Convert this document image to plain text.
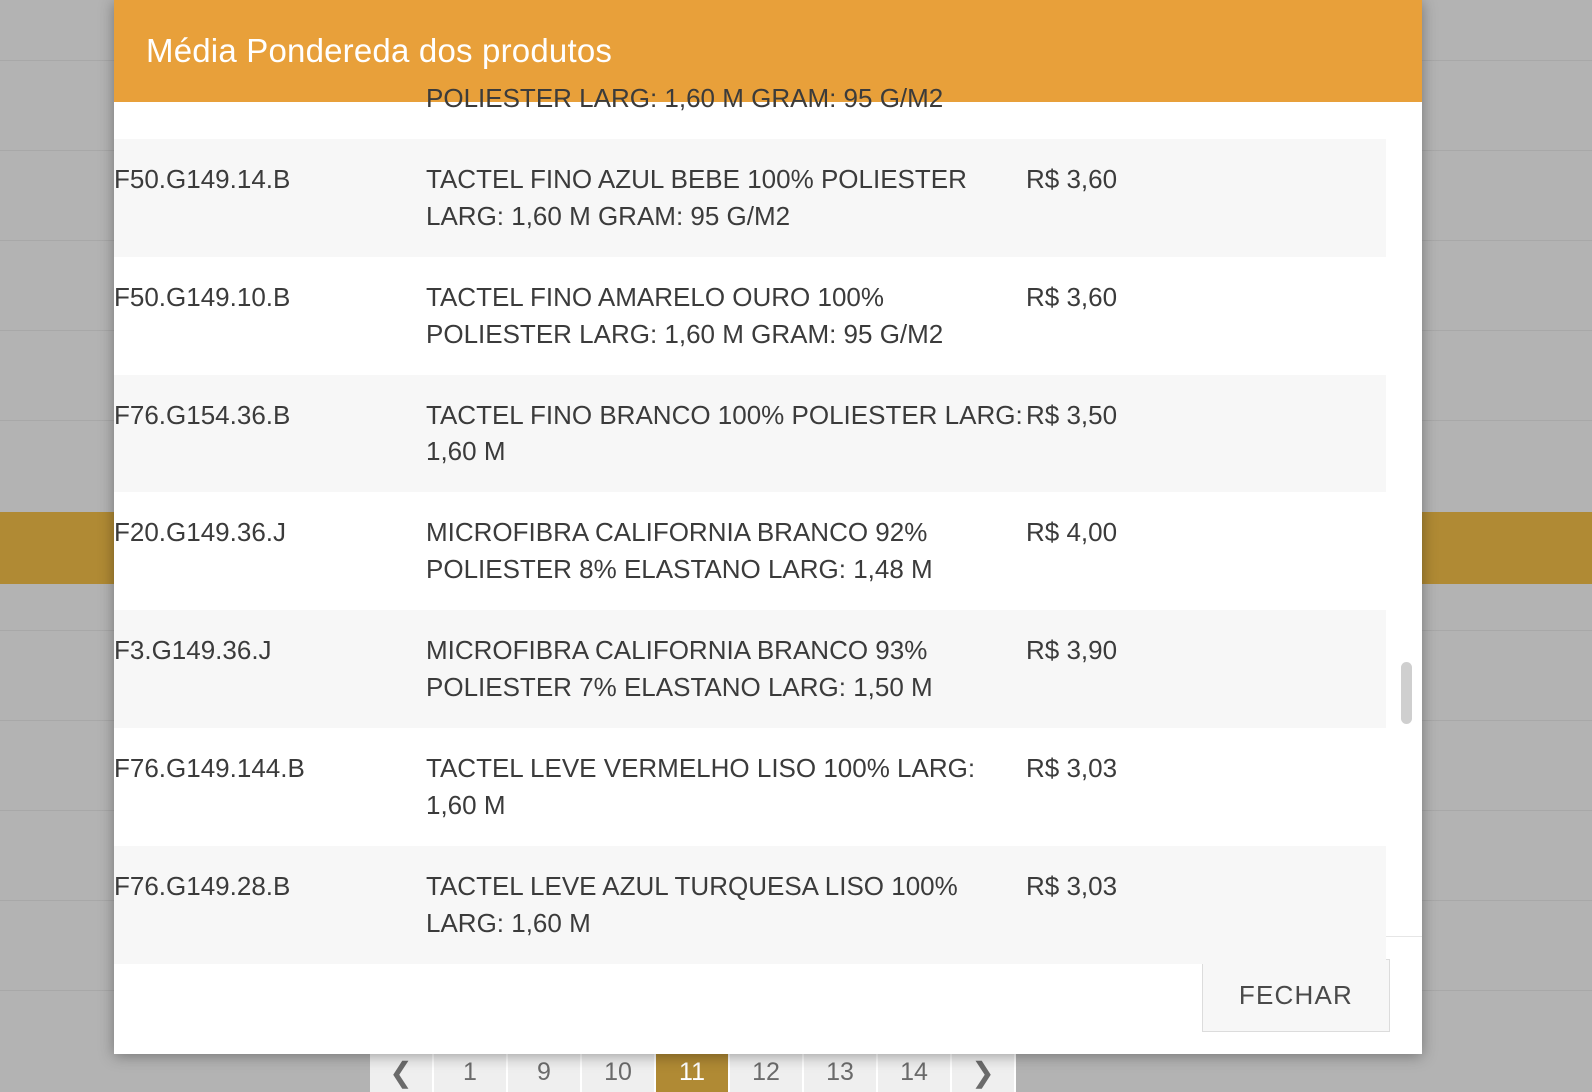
❮	1	9	10	11	12	13	14	❯
Média Pondereda dos produtos
	POLIESTER LARG: 1,60 M GRAM: 95 G/M2	
F50.G149.14.B	TACTEL FINO AZUL BEBE 100% POLIESTER LARG: 1,60 M GRAM: 95 G/M2	R$ 3,60
F50.G149.10.B	TACTEL FINO AMARELO OURO 100% POLIESTER LARG: 1,60 M GRAM: 95 G/M2	R$ 3,60
F76.G154.36.B	TACTEL FINO BRANCO 100% POLIESTER LARG: 1,60 M	R$ 3,50
F20.G149.36.J	MICROFIBRA CALIFORNIA BRANCO 92% POLIESTER 8% ELASTANO LARG: 1,48 M	R$ 4,00
F3.G149.36.J	MICROFIBRA CALIFORNIA BRANCO 93% POLIESTER 7% ELASTANO LARG: 1,50 M	R$ 3,90
F76.G149.144.B	TACTEL LEVE VERMELHO LISO 100% LARG: 1,60 M	R$ 3,03
F76.G149.28.B	TACTEL LEVE AZUL TURQUESA LISO 100% LARG: 1,60 M	R$ 3,03
FECHAR
